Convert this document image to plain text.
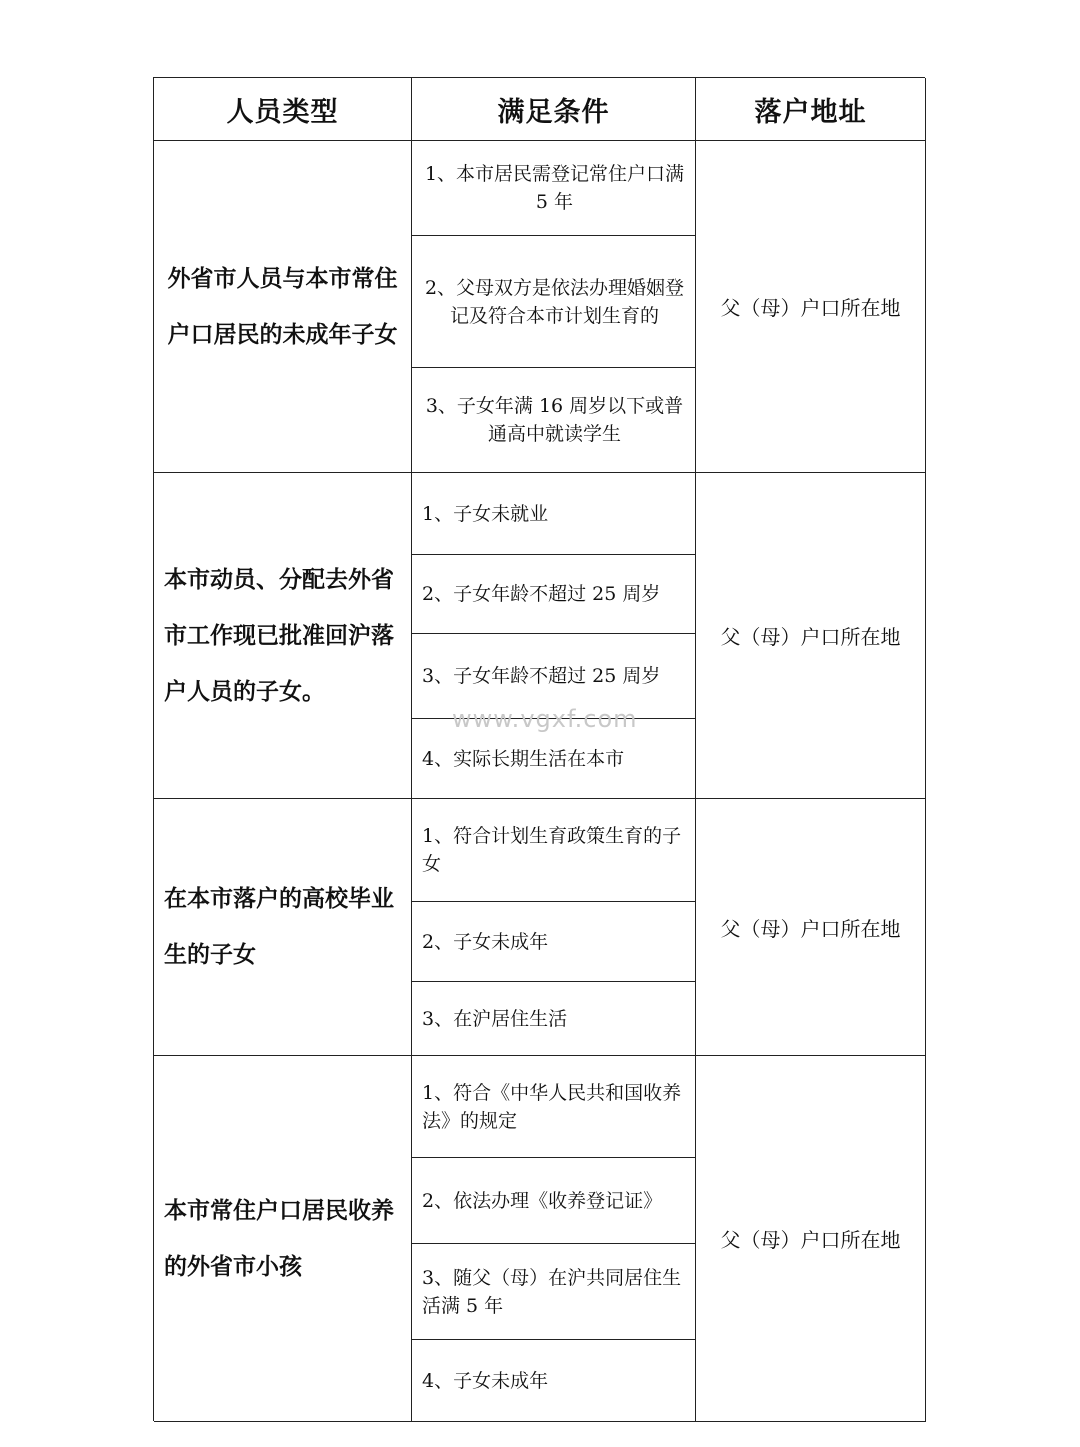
人员类型	满足条件	落户地址
外省市人员与本市常住户口居民的未成年子女
1、本市居民需登记常住户口满 5 年
2、父母双方是依法办理婚姻登记及符合本市计划生育的
3、子女年满 16 周岁以下或普通高中就读学生
父（母）户口所在地
本市动员、分配去外省市工作现已批准回沪落户人员的子女。
1、子女未就业
2、子女年龄不超过 25 周岁
3、子女年龄不超过 25 周岁
4、实际长期生活在本市
父（母）户口所在地
在本市落户的高校毕业生的子女
1、符合计划生育政策生育的子女
2、子女未成年
3、在沪居住生活
父（母）户口所在地
本市常住户口居民收养的外省市小孩
1、符合《中华人民共和国收养法》的规定
2、依法办理《收养登记证》
3、随父（母）在沪共同居住生活满 5 年
4、子女未成年
父（母）户口所在地
www.vgxf.com
